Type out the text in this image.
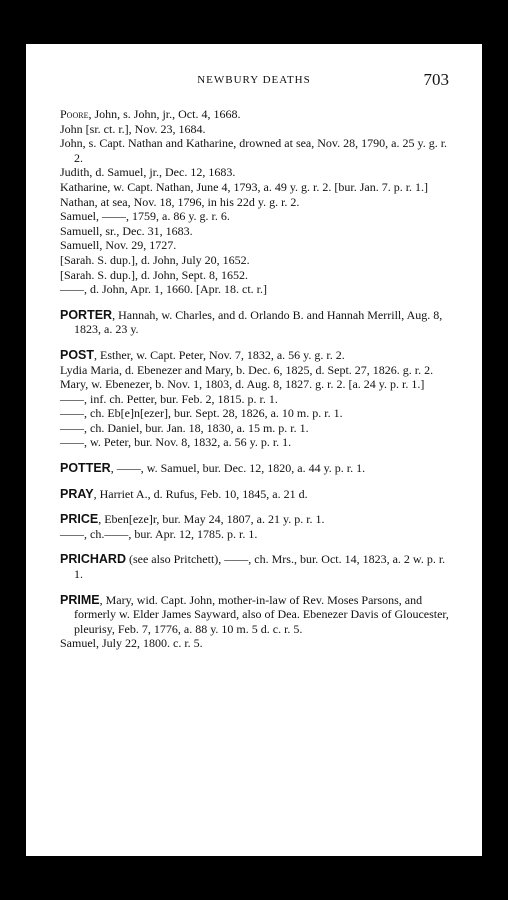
NEWBURY DEATHS	703

Poore, John, s. John, jr., Oct. 4, 1668.

John [sr. ct. r.], Nov. 23, 1684.

John, s. Capt. Nathan and Katharine, drowned at sea, Nov. 28, 1790, a. 25 y. g. r. 2.

Judith, d. Samuel, jr., Dec. 12, 1683.

Katharine, w. Capt. Nathan, June 4, 1793, a. 49 y. g. r. 2. [bur. Jan. 7. p. r. 1.]

Nathan, at sea, Nov. 18, 1796, in his 22d y. g. r. 2.

Samuel, ——, 1759, a. 86 y. g. r. 6.

Samuell, sr., Dec. 31, 1683.

Samuell, Nov. 29, 1727.

[Sarah. S. dup.], d. John, July 20, 1652.

[Sarah. S. dup.], d. John, Sept. 8, 1652.

——, d. John, Apr. 1, 1660. [Apr. 18. ct. r.]

PORTER, Hannah, w. Charles, and d. Orlando B. and Hannah Merrill, Aug. 8, 1823, a. 23 y.

POST, Esther, w. Capt. Peter, Nov. 7, 1832, a. 56 y. g. r. 2.

Lydia Maria, d. Ebenezer and Mary, b. Dec. 6, 1825, d. Sept. 27, 1826. g. r. 2.

Mary, w. Ebenezer, b. Nov. 1, 1803, d. Aug. 8, 1827. g. r. 2. [a. 24 y. p. r. 1.]

——, inf. ch. Petter, bur. Feb. 2, 1815. p. r. 1.

——, ch. Eb[e]n[ezer], bur. Sept. 28, 1826, a. 10 m. p. r. 1.

——, ch. Daniel, bur. Jan. 18, 1830, a. 15 m. p. r. 1.

——, w. Peter, bur. Nov. 8, 1832, a. 56 y. p. r. 1.

POTTER, ——, w. Samuel, bur. Dec. 12, 1820, a. 44 y. p. r. 1.

PRAY, Harriet A., d. Rufus, Feb. 10, 1845, a. 21 d.

PRICE, Eben[eze]r, bur. May 24, 1807, a. 21 y. p. r. 1.

——, ch.——, bur. Apr. 12, 1785. p. r. 1.

PRICHARD (see also Pritchett), ——, ch. Mrs., bur. Oct. 14, 1823, a. 2 w. p. r. 1.

PRIME, Mary, wid. Capt. John, mother-in-law of Rev. Moses Parsons, and formerly w. Elder James Sayward, also of Dea. Ebenezer Davis of Gloucester, pleurisy, Feb. 7, 1776, a. 88 y. 10 m. 5 d. c. r. 5.

Samuel, July 22, 1800. c. r. 5.
